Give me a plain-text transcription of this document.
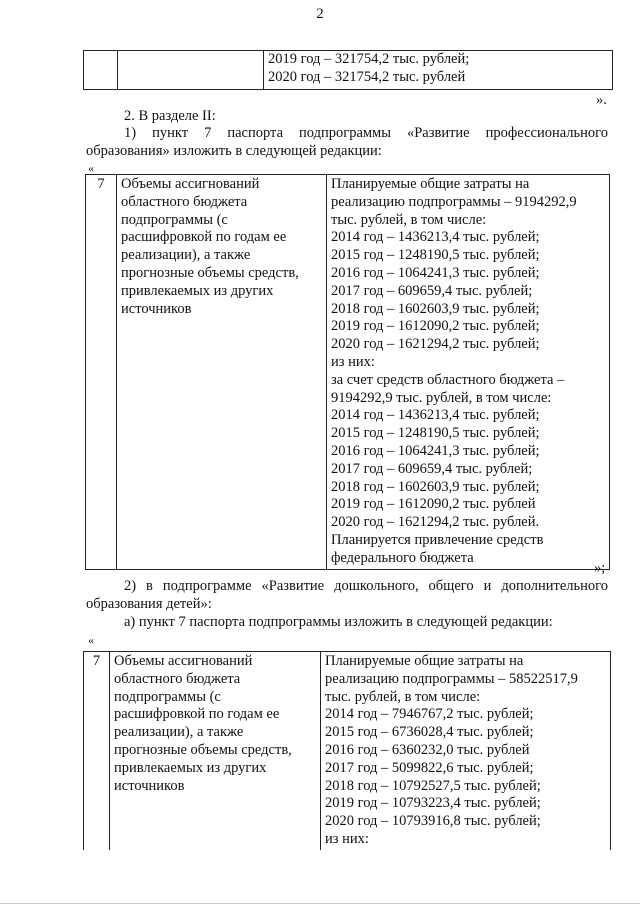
2

2019 год – 321754,2 тыс. рублей;
2020 год – 321754,2 тыс. рублей
».
2. В разделе II:
1) пункт 7 паспорта подпрограммы «Развитие профессионального
образования» изложить в следующей редакции:
«
7	Объемы ассигнований
областного бюджета
подпрограммы (с
расшифровкой по годам ее
реализации), а также
прогнозные объемы средств,
привлекаемых из других
источников

Планируемые общие затраты на
реализацию подпрограммы – 9194292,9
тыс. рублей, в том числе:
2014 год – 1436213,4 тыс. рублей;
2015 год – 1248190,5 тыс. рублей;
2016 год – 1064241,3 тыс. рублей;
2017 год – 609659,4 тыс. рублей;
2018 год – 1602603,9 тыс. рублей;
2019 год – 1612090,2 тыс. рублей;
2020 год – 1621294,2 тыс. рублей;
из них:
за счет средств областного бюджета –
9194292,9 тыс. рублей, в том числе:
2014 год – 1436213,4 тыс. рублей;
2015 год – 1248190,5 тыс. рублей;
2016 год – 1064241,3 тыс. рублей;
2017 год – 609659,4 тыс. рублей;
2018 год – 1602603,9 тыс. рублей;
2019 год – 1612090,2 тыс. рублей
2020 год – 1621294,2 тыс. рублей.
Планируется привлечение средств
федерального бюджета
»;
2) в подпрограмме «Развитие дошкольного, общего и дополнительного
образования детей»:
а) пункт 7 паспорта подпрограммы изложить в следующей редакции:
«
7	Объемы ассигнований
областного бюджета
подпрограммы (с
расшифровкой по годам ее
реализации), а также
прогнозные объемы средств,
привлекаемых из других
источников

Планируемые общие затраты на
реализацию подпрограммы – 58522517,9
тыс. рублей, в том числе:
2014 год – 7946767,2 тыс. рублей;
2015 год – 6736028,4 тыс. рублей;
2016 год – 6360232,0 тыс. рублей
2017 год – 5099822,6 тыс. рублей;
2018 год – 10792527,5 тыс. рублей;
2019 год – 10793223,4 тыс. рублей;
2020 год – 10793916,8 тыс. рублей;
из них:
